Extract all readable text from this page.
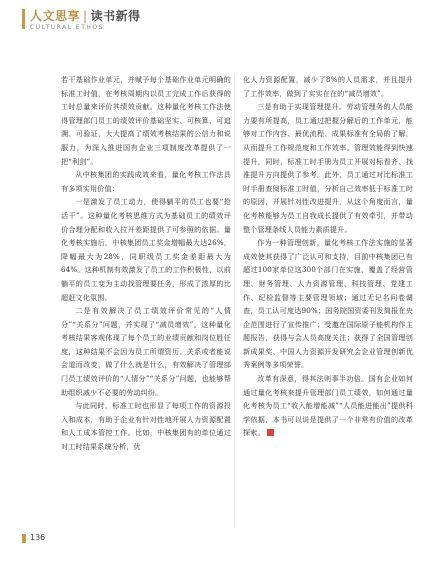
人文思享 | 读书新得
CULTURAL ETHOS

若干基础作业单元，并赋予每个基础作业单元明确的标准工时值，在考核周期内以员工完成工作后获得的工时总量来评价其绩效贡献。这种量化考核工作法使得管理部门员工的绩效评价基础坚实、可核算、可追溯、可验证，大大提高了绩效考核结果的公信力和说服力，为深入推进国有企业三项制度改革提供了一把“利剑”。

从中核集团的实践成效来看，量化考核工作法具有多项实用价值：

一是激发了员工动力，使得躺平的员工也要“抢活干”。这种量化考核思维方式为基础员工的绩效评价合理分配和收入拉开差距提供了可参照的依据。量化考核实施后，中核集团员工奖金增幅最大达26%，降幅最大为28%，同职级员工奖金差距最大为64%。这种机制有效激发了员工的工作积极性，以前躺平的员工变为主动找管理要任务，形成了浓厚的比超赶文化氛围。

二是有效解决了员工绩效评价常见的“人情分”“关系分”问题，并实现了“减员增效”。这种量化考核结果客观体现了每个员工的业绩贡献和岗位胜任度，这种结果不会因为员工所谓资历、关系或者能说会道而改变，做了什么就是什么，有效解决了管理部门员工绩效评价的“人情分”“关系分”问题，也能够帮助组织减少不必要的劳动纠纷。

与此同时，标准工时也形显了每项工作的资源投入和成本，有助于企业有针对性地开展人力资源配置和人工成本管控工作。比如，中核集团有的单位通过对工时结果系统分析，优

化人力资源配置，减少了8%的人员需求，并且提升了工作效率，做到了实实在在的“减员增效”。

三是有助于实现管理提升。劳动管理务的人员能力要有所提高，员工通过把握分解后的工作单元，能够对工作内容、最优流程、成果标准有全局的了解，从而提升工作规范度和工作效率。管理效能得到快速提升，同时，标准工时手册为员工开展对标看齐、找准提升方向提供了参考。此外，员工通过对比标准工时手册查阅标准工时值，分析自己效率低于标准工时的原因，开展针对性改进提升，从这个角度而言，量化考核能够为员工自我成长提供了有效牵引，并带动整个管理条线人员能力素质提升。

作为一种管理创新，量化考核工作法实施的显著成效使其获得了广泛认可和支持，目前中核集团已有超过100家单位这300个部门在实施，覆盖了经营管理、财务管理、人力资源管理、科技管理、党建工作、纪检监督等主要管理领域；通过无记名问卷调查，员工认可度达90%；国务院国资委刊发简报在央企范围进行了宣传推广；受邀在国际原子能机构作主题报告，获得与会人员高度关注；获得了全国管理创新成果奖、中国人力资源开发研究会企业管理创新优秀案例等多项荣誉。

改革有深意，得其法则事半功倍。国有企业如何通过量化考核来提升管理部门员工绩效，如何通过量化考核为员工“收入能增能减”“人员能进能出”提供科学依据，本书可以说是提供了一个非常有价值的改革探索。

136
